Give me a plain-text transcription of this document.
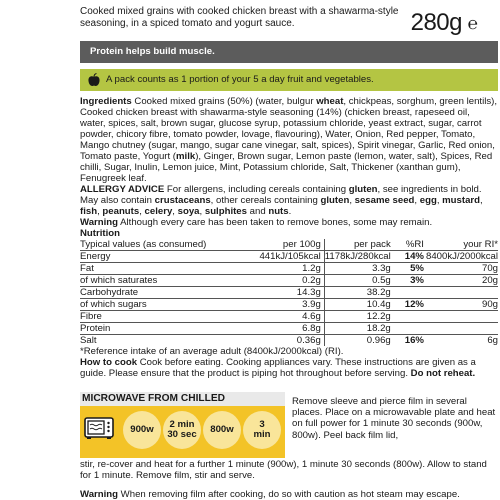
Cooked mixed grains with cooked chicken breast with a shawarma-style seasoning, in a spiced tomato and yogurt sauce.	280g ℮
Protein helps build muscle.
A pack counts as 1 portion of your 5 a day fruit and vegetables.
Ingredients Cooked mixed grains (50%) (water, bulgur wheat, chickpeas, sorghum, green lentils), Cooked chicken breast with shawarma-style seasoning (14%) (chicken breast, rapeseed oil, water, spices, salt, brown sugar, glucose syrup, potassium chloride, yeast extract, sugar, carrot powder, chicory fibre, tomato powder, lovage, flavouring), Water, Onion, Red pepper, Tomato, Mango chutney (sugar, mango, sugar cane vinegar, salt, spices), Spirit vinegar, Garlic, Red onion, Tomato paste, Yogurt (milk), Ginger, Brown sugar, Lemon paste (lemon, water, salt), Spices, Red chilli, Sugar, Inulin, Lemon juice, Mint, Potassium chloride, Salt, Thickener (xanthan gum), Fenugreek leaf.
ALLERGY ADVICE For allergens, including cereals containing gluten, see ingredients in bold. May also contain crustaceans, other cereals containing gluten, sesame seed, egg, mustard, fish, peanuts, celery, soya, sulphites and nuts.
Warning Although every care has been taken to remove bones, some may remain.
Nutrition
Typical values (as consumed)	per 100g	per pack	%RI	your RI*
Energy	441kJ/105kcal	1178kJ/280kcal	14%	8400kJ/2000kcal
Fat	1.2g	3.3g	5%	70g
of which saturates	0.2g	0.5g	3%	20g
Carbohydrate	14.3g	38.2g		
of which sugars	3.9g	10.4g	12%	90g
Fibre	4.6g	12.2g		
Protein	6.8g	18.2g		
Salt	0.36g	0.96g	16%	6g
*Reference intake of an average adult (8400kJ/2000kcal) (RI).
How to cook Cook before eating. Cooking appliances vary. These instructions are given as a guide. Please ensure that the product is piping hot throughout before serving. Do not reheat.
MICROWAVE FROM CHILLED
900w 2 min
30 sec 800w	3
min
Remove sleeve and pierce film in several places. Place on a microwavable plate and heat on full power for 1 minute 30 seconds (900w, 800w). Peel back film lid,
stir, re-cover and heat for a further 1 minute (900w), 1 minute 30 seconds (800w). Allow to stand for 1 minute. Remove film, stir and serve.
Warning When removing film after cooking, do so with caution as hot steam may escape.
